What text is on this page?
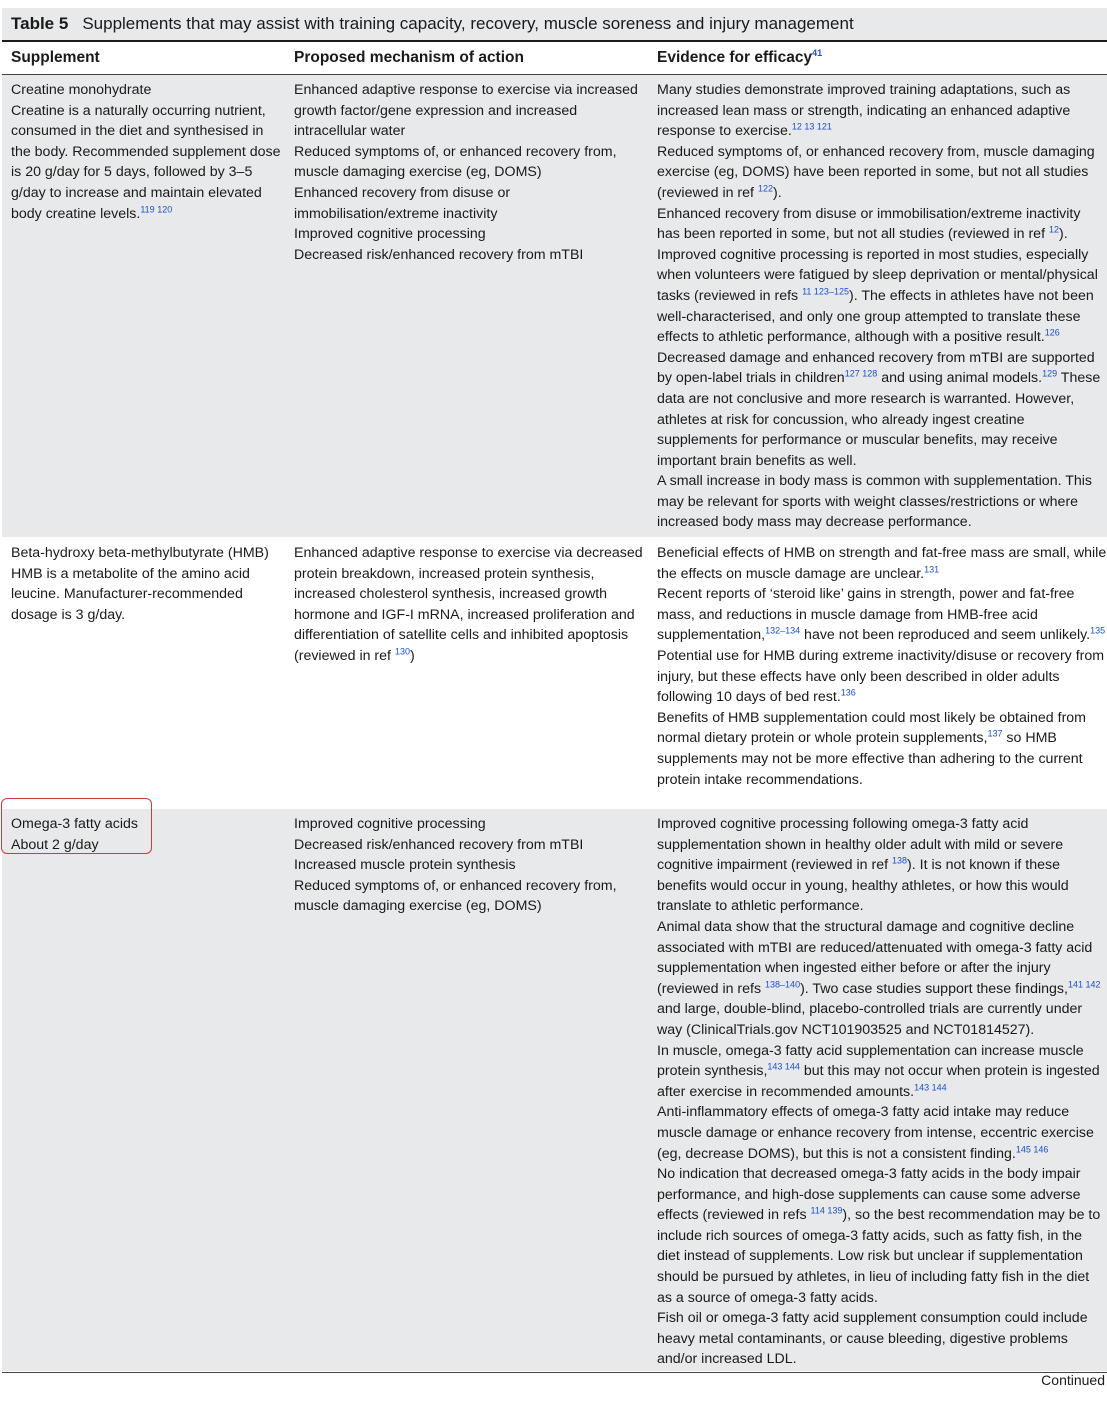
Table 5 Supplements that may assist with training capacity, recovery, muscle soreness and injury management
Supplement	Proposed mechanism of action	Evidence for efficacy$^{41}$

Creatine monohydrate

Creatine is a naturally occurring nutrient, consumed in the diet and synthesised in the body. Recommended supplement dose is 20 g/day for 5 days, followed by 3–5 g/day to increase and maintain elevated body creatine levels.$^{119 120}$

Enhanced adaptive response to exercise via increased growth factor/gene expression and increased intracellular water

Reduced symptoms of, or enhanced recovery from, muscle damaging exercise (eg, DOMS)

Enhanced recovery from disuse or immobilisation/extreme inactivity

Improved cognitive processing

Decreased risk/enhanced recovery from mTBI

Many studies demonstrate improved training adaptations, such as increased lean mass or strength, indicating an enhanced adaptive response to exercise.$^{12 13 121}$

Reduced symptoms of, or enhanced recovery from, muscle damaging exercise (eg, DOMS) have been reported in some, but not all studies (reviewed in ref $^{122}$).

Enhanced recovery from disuse or immobilisation/extreme inactivity has been reported in some, but not all studies (reviewed in ref $^{12}$).

Improved cognitive processing is reported in most studies, especially when volunteers were fatigued by sleep deprivation or mental/physical tasks (reviewed in refs $^{11 123-125}$). The effects in athletes have not been well-characterised, and only one group attempted to translate these effects to athletic performance, although with a positive result.$^{126}$

Decreased damage and enhanced recovery from mTBI are supported by open-label trials in children$^{127 128}$ and using animal models.$^{129}$ These data are not conclusive and more research is warranted. However, athletes at risk for concussion, who already ingest creatine supplements for performance or muscular benefits, may receive important brain benefits as well.

A small increase in body mass is common with supplementation. This may be relevant for sports with weight classes/restrictions or where increased body mass may decrease performance.

Beta-hydroxy beta-methylbutyrate (HMB)

HMB is a metabolite of the amino acid leucine. Manufacturer-recommended dosage is 3 g/day.

Enhanced adaptive response to exercise via decreased protein breakdown, increased protein synthesis, increased cholesterol synthesis, increased growth hormone and IGF-I mRNA, increased proliferation and differentiation of satellite cells and inhibited apoptosis (reviewed in ref $^{130}$)

Beneficial effects of HMB on strength and fat-free mass are small, while the effects on muscle damage are unclear.$^{131}$

Recent reports of ‘steroid like’ gains in strength, power and fat-free mass, and reductions in muscle damage from HMB-free acid supplementation,$^{132-134}$ have not been reproduced and seem unlikely.$^{135}$

Potential use for HMB during extreme inactivity/disuse or recovery from injury, but these effects have only been described in older adults following 10 days of bed rest.$^{136}$

Benefits of HMB supplementation could most likely be obtained from normal dietary protein or whole protein supplements,$^{137}$ so HMB supplements may not be more effective than adhering to the current protein intake recommendations.

Omega-3 fatty acids

About 2 g/day

Improved cognitive processing

Decreased risk/enhanced recovery from mTBI

Increased muscle protein synthesis

Reduced symptoms of, or enhanced recovery from, muscle damaging exercise (eg, DOMS)

Improved cognitive processing following omega-3 fatty acid supplementation shown in healthy older adult with mild or severe cognitive impairment (reviewed in ref $^{138}$). It is not known if these benefits would occur in young, healthy athletes, or how this would translate to athletic performance.

Animal data show that the structural damage and cognitive decline associated with mTBI are reduced/attenuated with omega-3 fatty acid supplementation when ingested either before or after the injury (reviewed in refs $^{138-140}$). Two case studies support these findings,$^{141 142}$ and large, double-blind, placebo-controlled trials are currently under way (ClinicalTrials.gov NCT101903525 and NCT01814527).

In muscle, omega-3 fatty acid supplementation can increase muscle protein synthesis,$^{143 144}$ but this may not occur when protein is ingested after exercise in recommended amounts.$^{143 144}$

Anti-inflammatory effects of omega-3 fatty acid intake may reduce muscle damage or enhance recovery from intense, eccentric exercise (eg, decrease DOMS), but this is not a consistent finding.$^{145 146}$

No indication that decreased omega-3 fatty acids in the body impair performance, and high-dose supplements can cause some adverse effects (reviewed in refs $^{114 139}$), so the best recommendation may be to include rich sources of omega-3 fatty acids, such as fatty fish, in the diet instead of supplements. Low risk but unclear if supplementation should be pursued by athletes, in lieu of including fatty fish in the diet as a source of omega-3 fatty acids.

Fish oil or omega-3 fatty acid supplement consumption could include heavy metal contaminants, or cause bleeding, digestive problems and/or increased LDL.

Continued
